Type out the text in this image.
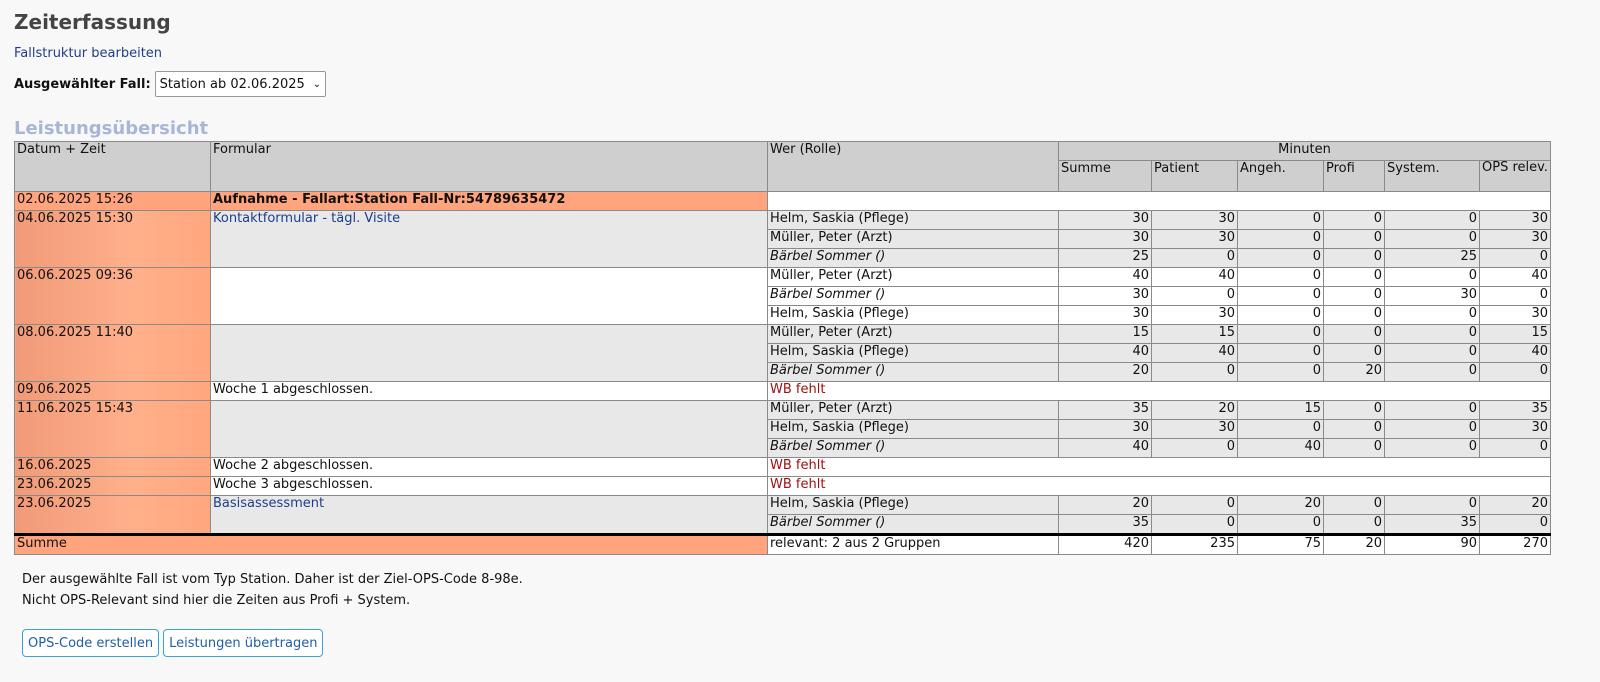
Zeiterfassung
Fallstruktur bearbeiten
Ausgewählter Fall: Station ab 02.06.2025 ⌄
Leistungsübersicht
Datum + Zeit	Formular	Wer (Rolle)	Minuten					
			Summe	Patient	Angeh.	Profi	System.	OPS relev.
02.06.2025 15:26	Aufnahme - Fallart:Station Fall-Nr:54789635472							
04.06.2025 15:30	Kontaktformular - tägl. Visite	Helm, Saskia (Pflege)	30	30	0	0	0	30
		Müller, Peter (Arzt)	30	30	0	0	0	30
		Bärbel Sommer ()	25	0	0	0	25	0
06.06.2025 09:36		Müller, Peter (Arzt)	40	40	0	0	0	40
		Bärbel Sommer ()	30	0	0	0	30	0
		Helm, Saskia (Pflege)	30	30	0	0	0	30
08.06.2025 11:40		Müller, Peter (Arzt)	15	15	0	0	0	15
		Helm, Saskia (Pflege)	40	40	0	0	0	40
		Bärbel Sommer ()	20	0	0	20	0	0
09.06.2025	Woche 1 abgeschlossen.	WB fehlt						
11.06.2025 15:43		Müller, Peter (Arzt)	35	20	15	0	0	35
		Helm, Saskia (Pflege)	30	30	0	0	0	30
		Bärbel Sommer ()	40	0	40	0	0	0
16.06.2025	Woche 2 abgeschlossen.	WB fehlt						
23.06.2025	Woche 3 abgeschlossen.	WB fehlt						
23.06.2025	Basisassessment	Helm, Saskia (Pflege)	20	0	20	0	0	20
		Bärbel Sommer ()	35	0	0	0	35	0
Summe		relevant: 2 aus 2 Gruppen	420	235	75	20	90	270
Der ausgewählte Fall ist vom Typ Station. Daher ist der Ziel-OPS-Code 8-98e.
Nicht OPS-Relevant sind hier die Zeiten aus Profi + System.
OPS-Code erstellen	Leistungen übertragen
